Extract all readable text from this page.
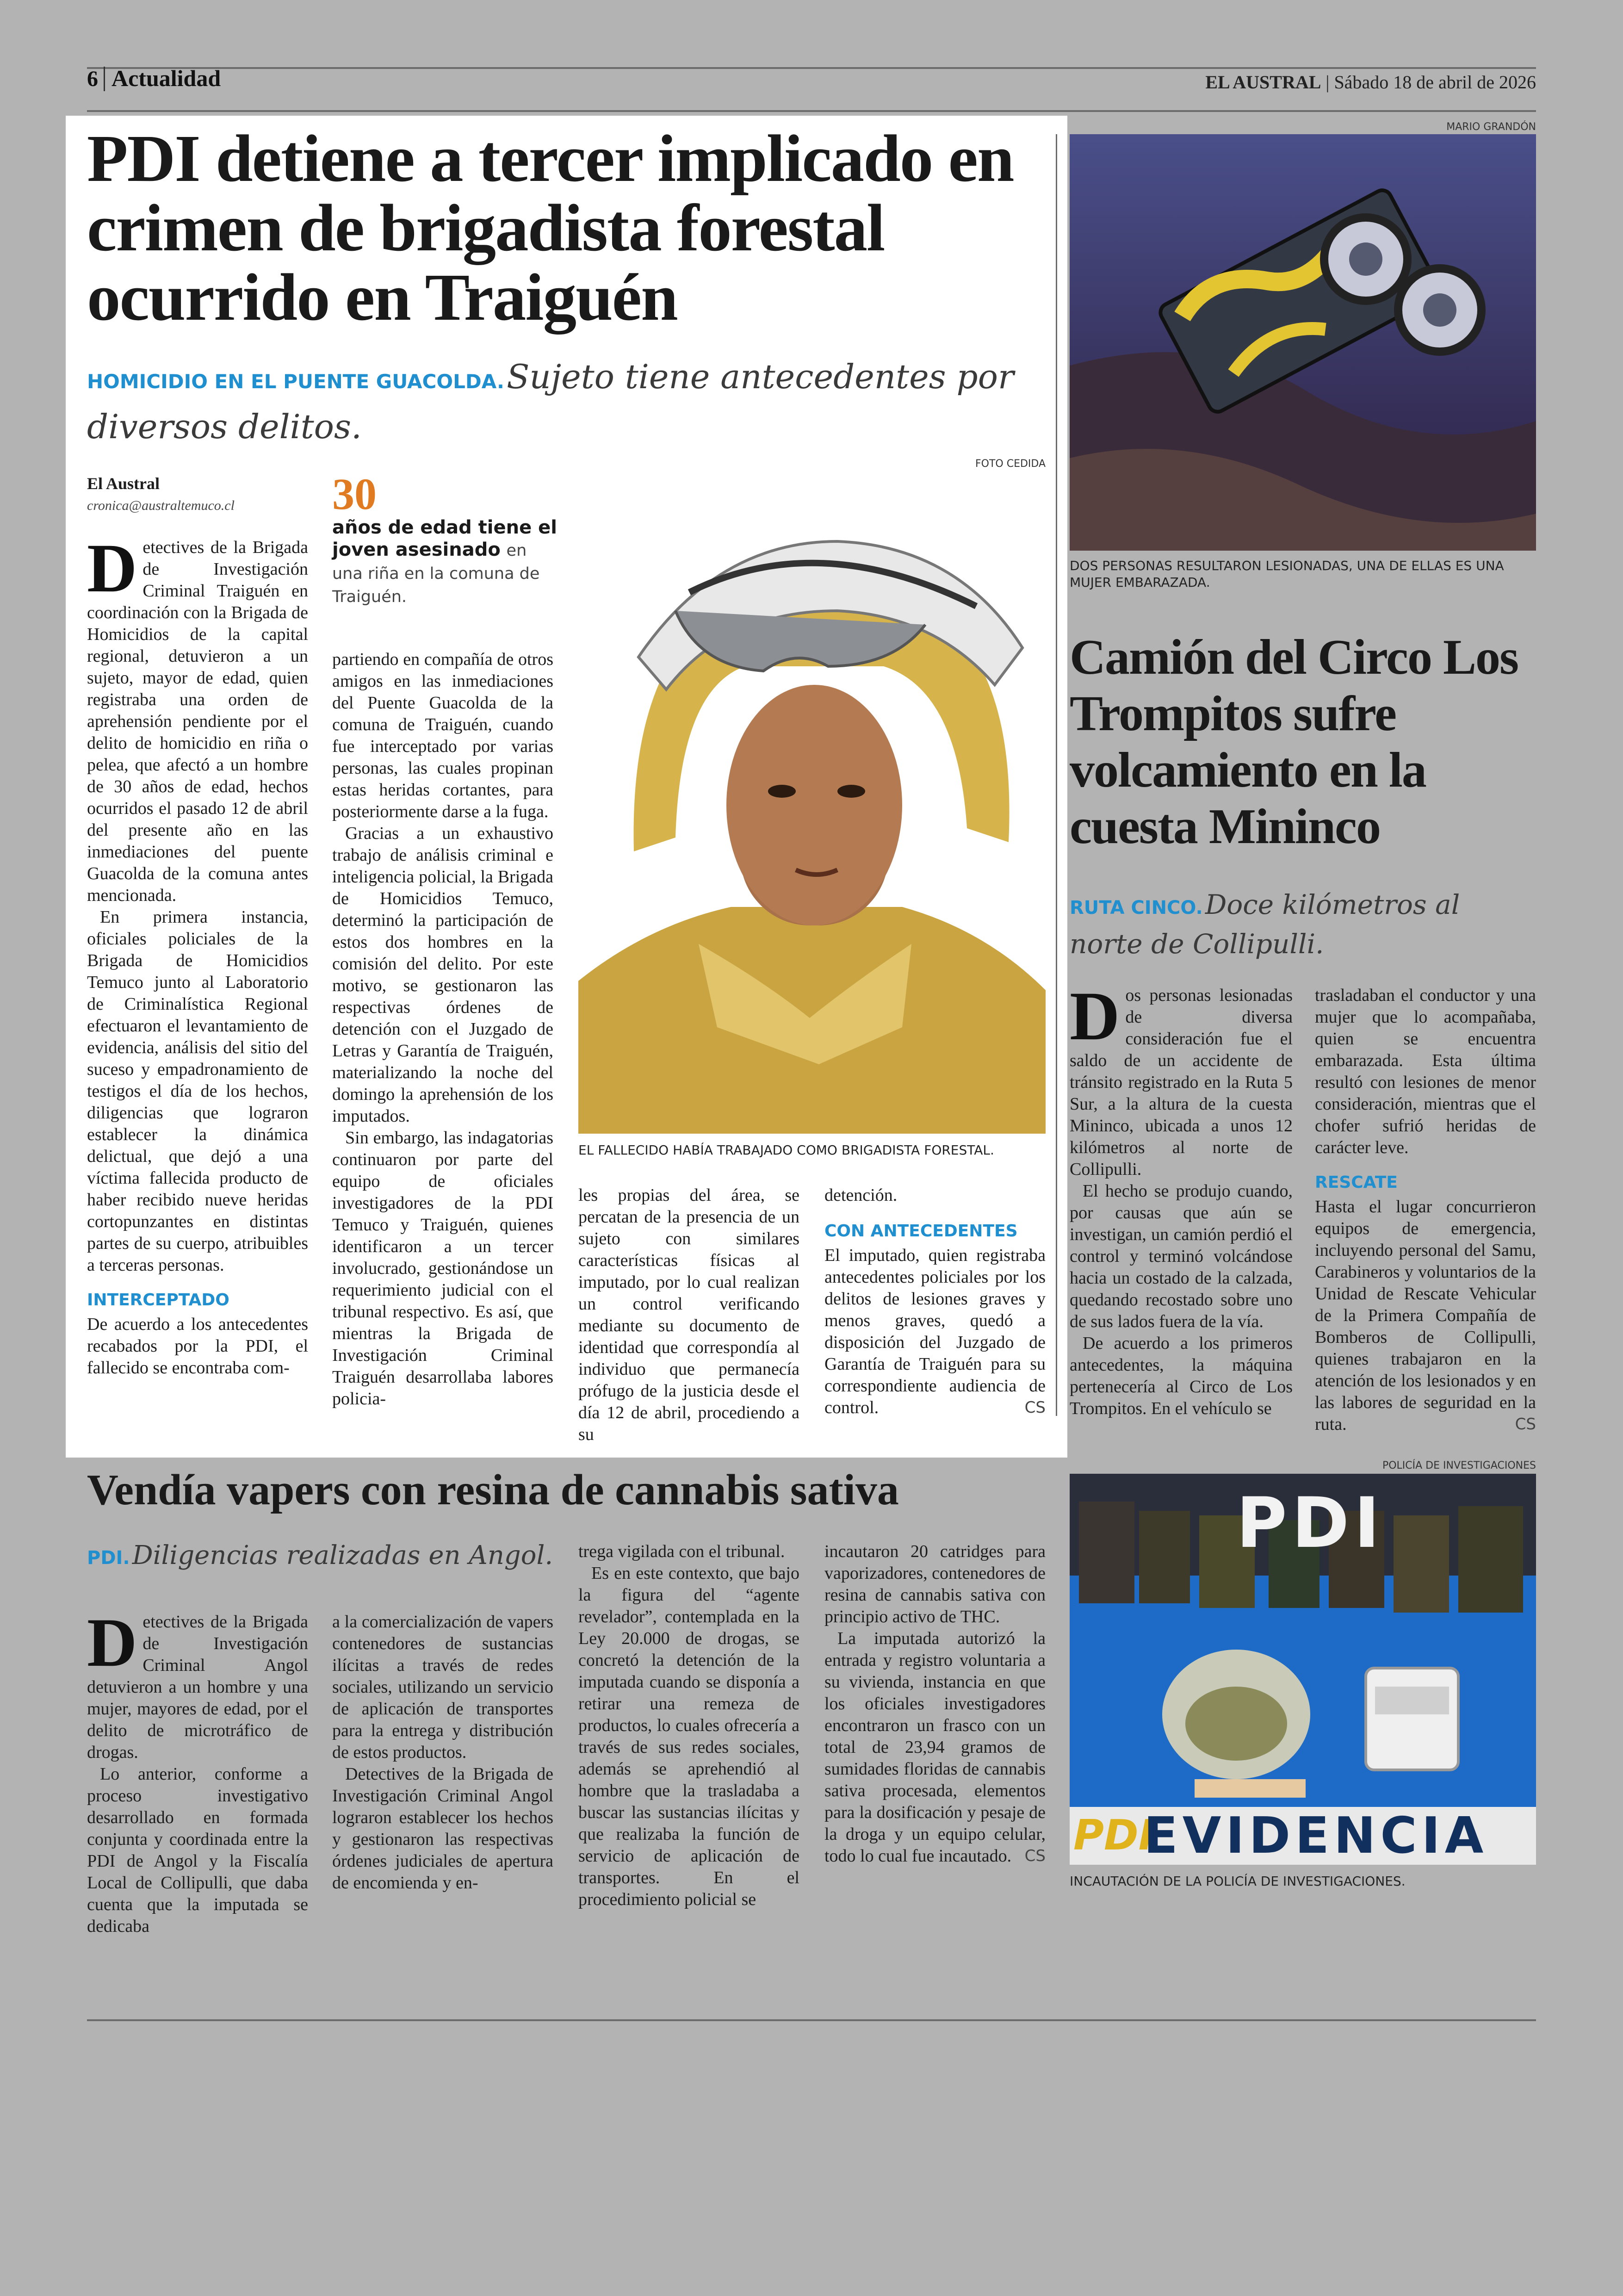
6 Actualidad	EL AUSTRAL | Sábado 18 de abril de 2026
PDI detiene a tercer implicado en crimen de brigadista forestal ocurrido en Traiguén
HOMICIDIO EN EL PUENTE GUACOLDA. Sujeto tiene antecedentes por diversos delitos.
El Austral
cronica@australtemuco.cl

Detectives de la Brigada de Investigación Criminal Traiguén en coordinación con la Brigada de Homicidios de la capital regional, detuvieron a un sujeto, mayor de edad, quien registraba una orden de aprehensión pendiente por el delito de homicidio en riña o pelea, que afectó a un hombre de 30 años de edad, hechos ocurridos el pasado 12 de abril del presente año en las inmediaciones del puente Guacolda de la comuna antes mencionada.

En primera instancia, oficiales policiales de la Brigada de Homicidios Temuco junto al Laboratorio de Criminalística Regional efectuaron el levantamiento de evidencia, análisis del sitio del suceso y empadronamiento de testigos el día de los hechos, diligencias que lograron establecer la dinámica delictual, que dejó a una víctima fallecida producto de haber recibido nueve heridas cortopunzantes en distintas partes de su cuerpo, atribuibles a terceras personas.

INTERCEPTADO

De acuerdo a los antecedentes recabados por la PDI, el fallecido se encontraba com-

30
años de edad tiene el joven asesinado en una riña en la comuna de Traiguén.

partiendo en compañía de otros amigos en las inmediaciones del Puente Guacolda de la comuna de Traiguén, cuando fue interceptado por varias personas, las cuales propinan estas heridas cortantes, para posteriormente darse a la fuga.

Gracias a un exhaustivo trabajo de análisis criminal e inteligencia policial, la Brigada de Homicidios Temuco, determinó la participación de estos dos hombres en la comisión del delito. Por este motivo, se gestionaron las respectivas órdenes de detención con el Juzgado de Letras y Garantía de Traiguén, materializando la noche del domingo la aprehensión de los imputados.

Sin embargo, las indagatorias continuaron por parte del equipo de oficiales investigadores de la PDI Temuco y Traiguén, quienes identificaron a un tercer involucrado, gestionándose un requerimiento judicial con el tribunal respectivo. Es así, que mientras la Brigada de Investigación Criminal Traiguén desarrollaba labores policia-

FOTO CEDIDA
EL FALLECIDO HABÍA TRABAJADO COMO BRIGADISTA FORESTAL.

les propias del área, se percatan de la presencia de un sujeto con similares características físicas al imputado, por lo cual realizan un control verificando mediante su documento de identidad que correspondía al individuo que permanecía prófugo de la justicia desde el día 12 de abril, procediendo a su

detención.

CON ANTECEDENTES

El imputado, quien registraba antecedentes policiales por los delitos de lesiones graves y menos graves, quedó a disposición del Juzgado de Garantía de Traiguén para su correspondiente audiencia de control.	CS

MARIO GRANDÓN
DOS PERSONAS RESULTARON LESIONADAS, UNA DE ELLAS ES UNA MUJER EMBARAZADA.
Camión del Circo Los Trompitos sufre volcamiento en la cuesta Mininco
RUTA CINCO. Doce kilómetros al norte de Collipulli.

Dos personas lesionadas de diversa consideración fue el saldo de un accidente de tránsito registrado en la Ruta 5 Sur, a la altura de la cuesta Mininco, ubicada a unos 12 kilómetros al norte de Collipulli.

El hecho se produjo cuando, por causas que aún se investigan, un camión perdió el control y terminó volcándose hacia un costado de la calzada, quedando recostado sobre uno de sus lados fuera de la vía.

De acuerdo a los primeros antecedentes, la máquina pertenecería al Circo de Los Trompitos. En el vehículo se

trasladaban el conductor y una mujer que lo acompañaba, quien se encuentra embarazada. Esta última resultó con lesiones de menor consideración, mientras que el chofer sufrió heridas de carácter leve.

RESCATE

Hasta el lugar concurrieron equipos de emergencia, incluyendo personal del Samu, Carabineros y voluntarios de la Unidad de Rescate Vehicular de la Primera Compañía de Bomberos de Collipulli, quienes trabajaron en la atención de los lesionados y en las labores de seguridad en la ruta.	CS

Vendía vapers con resina de cannabis sativa
PDI. Diligencias realizadas en Angol.

Detectives de la Brigada de Investigación Criminal Angol detuvieron a un hombre y una mujer, mayores de edad, por el delito de microtráfico de drogas.

Lo anterior, conforme a proceso investigativo desarrollado en formada conjunta y coordinada entre la PDI de Angol y la Fiscalía Local de Collipulli, que daba cuenta que la imputada se dedicaba

a la comercialización de vapers contenedores de sustancias ilícitas a través de redes sociales, utilizando un servicio de aplicación de transportes para la entrega y distribución de estos productos.

Detectives de la Brigada de Investigación Criminal Angol lograron establecer los hechos y gestionaron las respectivas órdenes judiciales de apertura de encomienda y en-

trega vigilada con el tribunal.

Es en este contexto, que bajo la figura del “agente revelador”, contemplada en la Ley 20.000 de drogas, se concretó la detención de la imputada cuando se disponía a retirar una remeza de productos, lo cuales ofrecería a través de sus redes sociales, además se aprehendió al hombre que la trasladaba a buscar las sustancias ilícitas y que realizaba la función de servicio de aplicación de transportes. En el procedimiento policial se

incautaron 20 catridges para vaporizadores, contenedores de resina de cannabis sativa con principio activo de THC.

La imputada autorizó la entrada y registro voluntaria a su vivienda, instancia en que los oficiales investigadores encontraron un frasco con un total de 23,94 gramos de sumidades floridas de cannabis sativa procesada, elementos para la dosificación y pesaje de la droga y un equipo celular, todo lo cual fue incautado. CS

POLICÍA DE INVESTIGACIONES
PDI
PDI
EVIDENCIA
INCAUTACIÓN DE LA POLICÍA DE INVESTIGACIONES.
